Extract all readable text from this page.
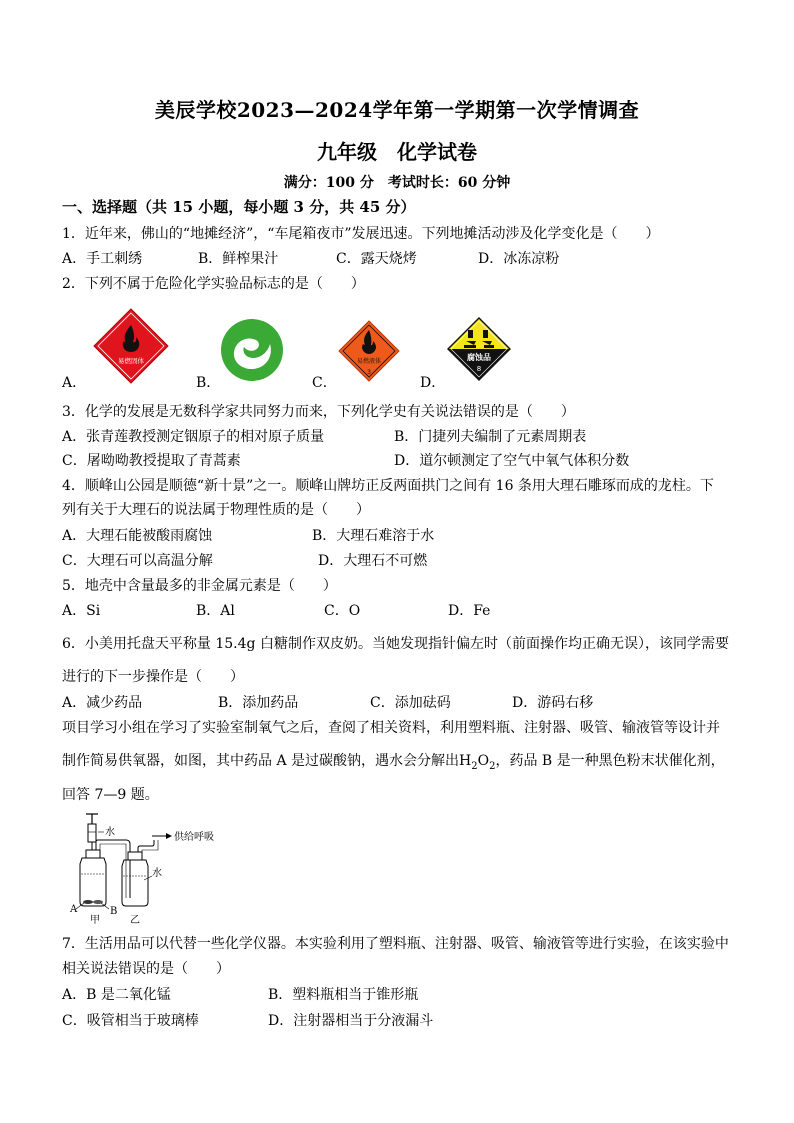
美辰学校2023—2024学年第一学期第一次学情调查
九年级　化学试卷
满分：100 分　考试时长：60 分钟
一、选择题（共 15 小题，每小题 3 分，共 45 分）
1．近年来，佛山的“地摊经济”，“车尾箱夜市”发展迅速。下列地摊活动涉及化学变化是（　　）
A．手工刺绣	B．鲜榨果汁	C．露天烧烤	D．冰冻凉粉
2．下列不属于危险化学实验品标志的是（　　）
易燃固体
A．	B．
易燃液体
3
C．
腐蚀品
8
D．
3．化学的发展是无数科学家共同努力而来，下列化学史有关说法错误的是（　　）
A．张青莲教授测定铟原子的相对原子质量	B．门捷列夫编制了元素周期表
C．屠呦呦教授提取了青蒿素	D．道尔顿测定了空气中氧气体积分数
4．顺峰山公园是顺德“新十景”之一。顺峰山牌坊正反两面拱门之间有 16 条用大理石雕琢而成的龙柱。下
列有关于大理石的说法属于物理性质的是（　　）
A．大理石能被酸雨腐蚀	B．大理石难溶于水
C．大理石可以高温分解	D．大理石不可燃
5．地壳中含量最多的非金属元素是（　　）
A．Si	B．Al	C．O	D．Fe
6．小美用托盘天平称量 15.4g 白糖制作双皮奶。当她发现指针偏左时（前面操作均正确无误），该同学需要
进行的下一步操作是（　　）
A．减少药品	B．添加药品	C．添加砝码	D．游码右移
项目学习小组在学习了实验室制氧气之后，查阅了相关资料，利用塑料瓶、注射器、吸管、输液管等设计并
制作简易供氧器，如图，其中药品 A 是过碳酸钠，遇水会分解出$H_2O_2$，药品 B 是一种黑色粉末状催化剂，
回答 7—9 题。
水	供给呼吸
水
A	B
甲	乙
7．生活用品可以代替一些化学仪器。本实验利用了塑料瓶、注射器、吸管、输液管等进行实验，在该实验中
相关说法错误的是（　　）
A．B 是二氧化锰	B．塑料瓶相当于锥形瓶
C．吸管相当于玻璃棒	D．注射器相当于分液漏斗
